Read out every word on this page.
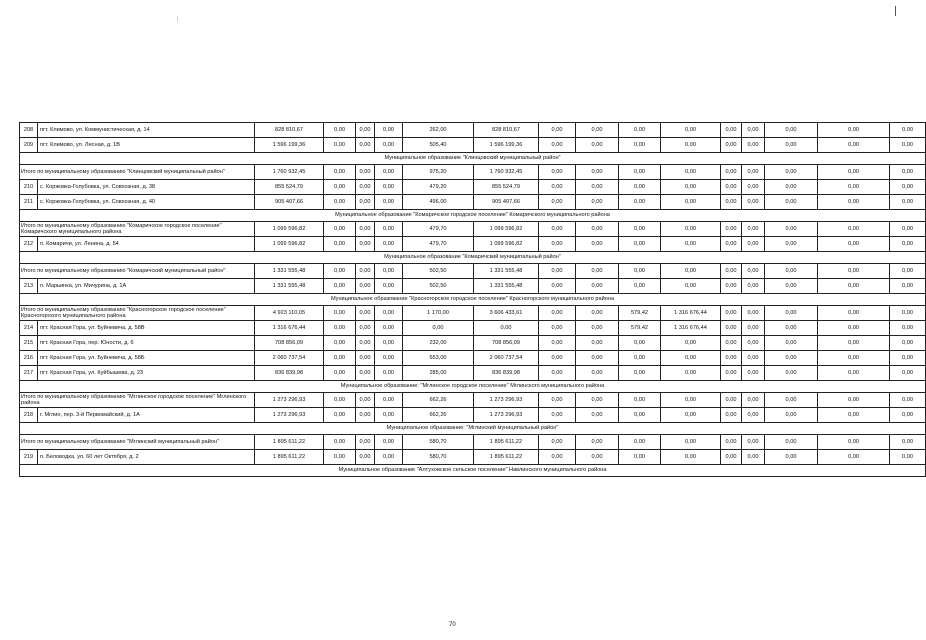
208	пгт. Климово, ул. Коммунистическая, д. 14	828 810,67	0,00	0,00	0,00	262,00	828 810,67	0,00	0,00	0,00	0,00	0,00	0,00	0,00	0,00	0,00
209	пгт. Климово, ул. Лесная, д. 1В	1 596 199,36	0,00	0,00	0,00	505,40	1 596 199,36	0,00	0,00	0,00	0,00	0,00	0,00	0,00	0,00	0,00
Муниципальное образование "Клинцовский муниципальный район"																
Итого по муниципальному образованию "Клинцовский муниципальный район"		1 760 932,45	0,00	0,00	0,00	975,20	1 760 932,45	0,00	0,00	0,00	0,00	0,00	0,00	0,00	0,00	0,00
210	с. Коржовка-Голубовка, ул. Совхозная, д. 38	855 524,79	0,00	0,00	0,00	479,20	855 524,79	0,00	0,00	0,00	0,00	0,00	0,00	0,00	0,00	0,00
211	с. Коржовка-Голубовка, ул. Совхозная, д. 40	905 407,66	0,00	0,00	0,00	496,00	905 407,66	0,00	0,00	0,00	0,00	0,00	0,00	0,00	0,00	0,00
Муниципальное образование "Комаричское городское поселение" Комаричского муниципального района																
Итого по муниципальному образованию "Комаричское городское поселение" Комаричского муниципального района		1 099 596,82	0,00	0,00	0,00	479,70	1 099 596,82	0,00	0,00	0,00	0,00	0,00	0,00	0,00	0,00	0,00
212	п. Комаричи, ул. Ленина, д. 54	1 099 596,82	0,00	0,00	0,00	479,70	1 099 596,82	0,00	0,00	0,00	0,00	0,00	0,00	0,00	0,00	0,00
Муниципальное образование "Комаричский муниципальный район"																
Итого по муниципальному образованию "Комаричский муниципальный район"		1 331 555,48	0,00	0,00	0,00	502,50	1 331 555,48	0,00	0,00	0,00	0,00	0,00	0,00	0,00	0,00	0,00
213	п. Марьинка, ул. Мичурина, д. 1А	1 331 555,48	0,00	0,00	0,00	502,50	1 331 555,48	0,00	0,00	0,00	0,00	0,00	0,00	0,00	0,00	0,00
Муниципальное образование "Красногорское городское поселение" Красногорского муниципального района																
Итого по муниципальному образованию "Красногорское городское поселение" Красногорского муниципального района		4 923 110,05	0,00	0,00	0,00	1 170,00	3 606 433,61	0,00	0,00	579,42	1 316 676,44	0,00	0,00	0,00	0,00	0,00
214	пгт. Красная Гора, ул. Буйневича, д. 58В	1 316 676,44	0,00	0,00	0,00	0,00	0,00	0,00	0,00	579,42	1 316 676,44	0,00	0,00	0,00	0,00	0,00
215	пгт. Красная Гора, пер. Юности, д. 6	708 856,09	0,00	0,00	0,00	232,00	708 856,09	0,00	0,00	0,00	0,00	0,00	0,00	0,00	0,00	0,00
216	пгт. Красная Гора, ул. Буйневича, д. 58Б	2 060 737,54	0,00	0,00	0,00	653,00	2 060 737,54	0,00	0,00	0,00	0,00	0,00	0,00	0,00	0,00	0,00
217	пгт. Красная Гора, ул. Куйбышева, д. 23	836 839,98	0,00	0,00	0,00	285,00	836 839,98	0,00	0,00	0,00	0,00	0,00	0,00	0,00	0,00	0,00
Муниципальное образование: "Мглинское городское поселение" Мглинского муниципального района																
Итого по муниципальному образованию "Мглинское городское поселение" Мглинского района		1 273 296,93	0,00	0,00	0,00	662,26	1 273 296,93	0,00	0,00	0,00	0,00	0,00	0,00	0,00	0,00	0,00
218	г. Мглин, пер. 3-й Первомайский, д. 1А	1 273 296,93	0,00	0,00	0,00	662,26	1 273 296,93	0,00	0,00	0,00	0,00	0,00	0,00	0,00	0,00	0,00
Муниципальное образование: "Мглинский муниципальный район"																
Итого по муниципальному образованию "Мглинский муниципальный район"		1 895 611,22	0,00	0,00	0,00	580,70	1 895 611,22	0,00	0,00	0,00	0,00	0,00	0,00	0,00	0,00	0,00
219	п. Беловодка, ул. 60 лет Октября, д. 2	1 895 611,22	0,00	0,00	0,00	580,70	1 895 611,22	0,00	0,00	0,00	0,00	0,00	0,00	0,00	0,00	0,00
Муниципальное образование "Алтуховское сельское поселение" Навлинского муниципального района																
70
